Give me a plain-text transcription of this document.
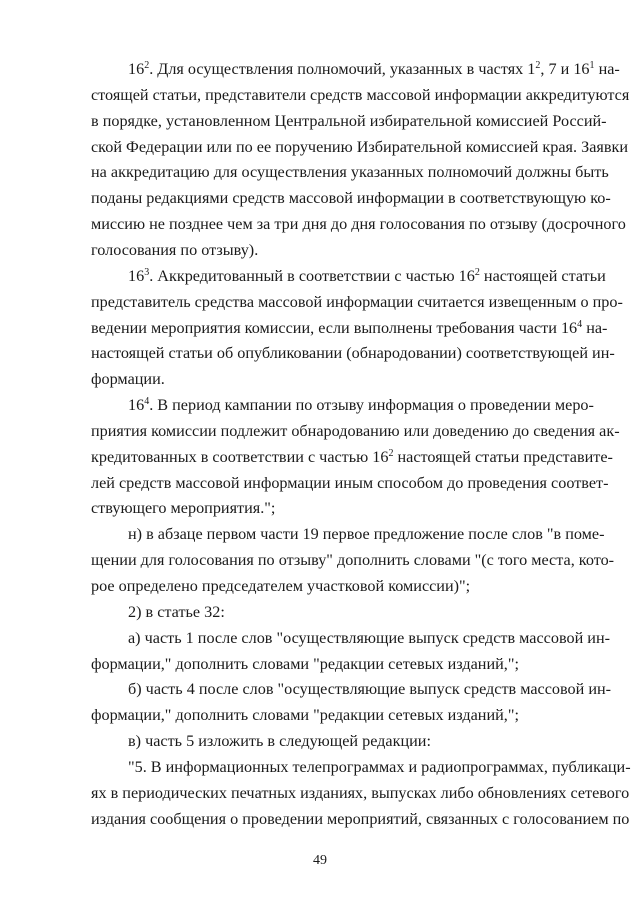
49
$16^2$. Для осуществления полномочий, указанных в частях $1^2$, 7 и $16^1$ на-
стоящей статьи, представители средств массовой информации аккредитуются
в порядке, установленном Центральной избирательной комиссией Россий-
ской Федерации или по ее поручению Избирательной комиссией края. Заявки
на аккредитацию для осуществления указанных полномочий должны быть
поданы редакциями средств массовой информации в соответствующую ко-
миссию не позднее чем за три дня до дня голосования по отзыву (досрочного
голосования по отзыву).
$16^3$. Аккредитованный в соответствии с частью $16^2$ настоящей статьи
представитель средства массовой информации считается извещенным о про-
ведении мероприятия комиссии, если выполнены требования части $16^4$ на-
настоящей статьи об опубликовании (обнародовании) соответствующей ин-
формации.
$16^4$. В период кампании по отзыву информация о проведении меро-
приятия комиссии подлежит обнародованию или доведению до сведения ак-
кредитованных в соответствии с частью $16^2$ настоящей статьи представите-
лей средств массовой информации иным способом до проведения соответ-
ствующего мероприятия.";
н) в абзаце первом части 19 первое предложение после слов "в поме-
щении для голосования по отзыву" дополнить словами "(с того места, кото-
рое определено председателем участковой комиссии)";
2) в статье 32:
а) часть 1 после слов "осуществляющие выпуск средств массовой ин-
формации," дополнить словами "редакции сетевых изданий,";
б) часть 4 после слов "осуществляющие выпуск средств массовой ин-
формации," дополнить словами "редакции сетевых изданий,";
в) часть 5 изложить в следующей редакции:
"5. В информационных телепрограммах и радиопрограммах, публикаци-
ях в периодических печатных изданиях, выпусках либо обновлениях сетевого
издания сообщения о проведении мероприятий, связанных с голосованием по
